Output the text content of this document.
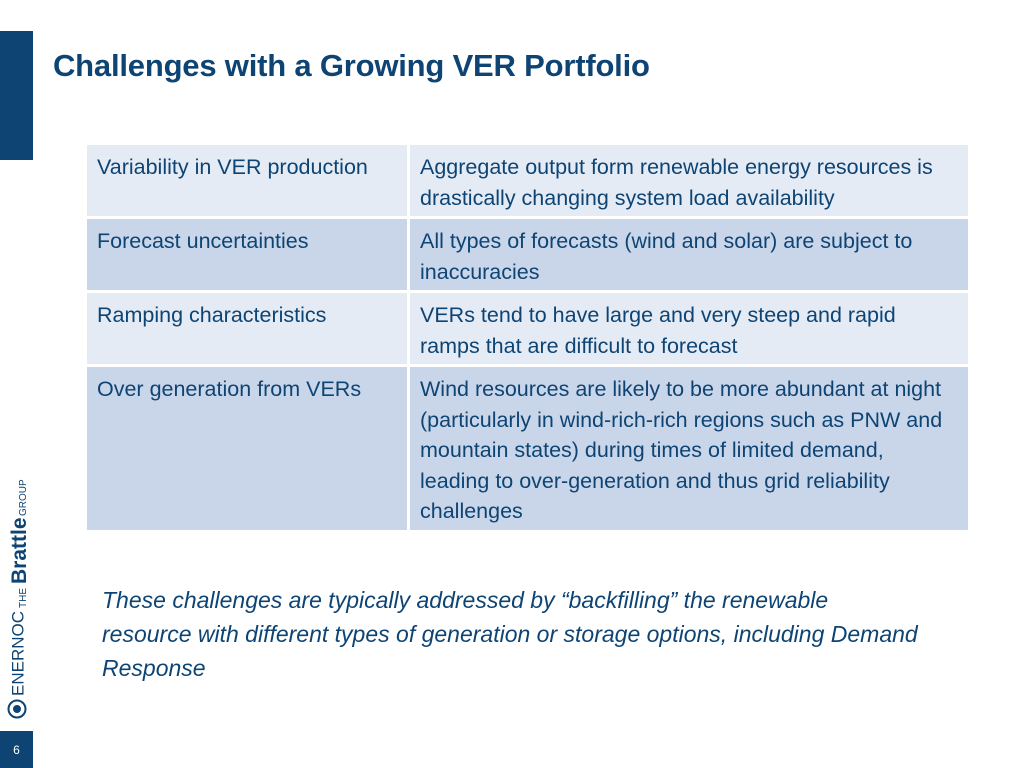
Challenges with a Growing VER Portfolio
Variability in VER production	Aggregate output form renewable energy resources is drastically changing system load availability
Forecast uncertainties	All types of forecasts (wind and solar) are subject to inaccuracies
Ramping characteristics	VERs tend to have large and very steep and rapid ramps that are difficult to forecast
Over generation from VERs	Wind resources are likely to be more abundant at night (particularly in wind-rich-rich regions such as PNW and mountain states) during times of limited demand, leading to over-generation and thus grid reliability challenges

These challenges are typically addressed by “backfilling” the renewable resource with different types of generation or storage options, including Demand Response

ENERNOC
THE
Brattle
GROUP
6
